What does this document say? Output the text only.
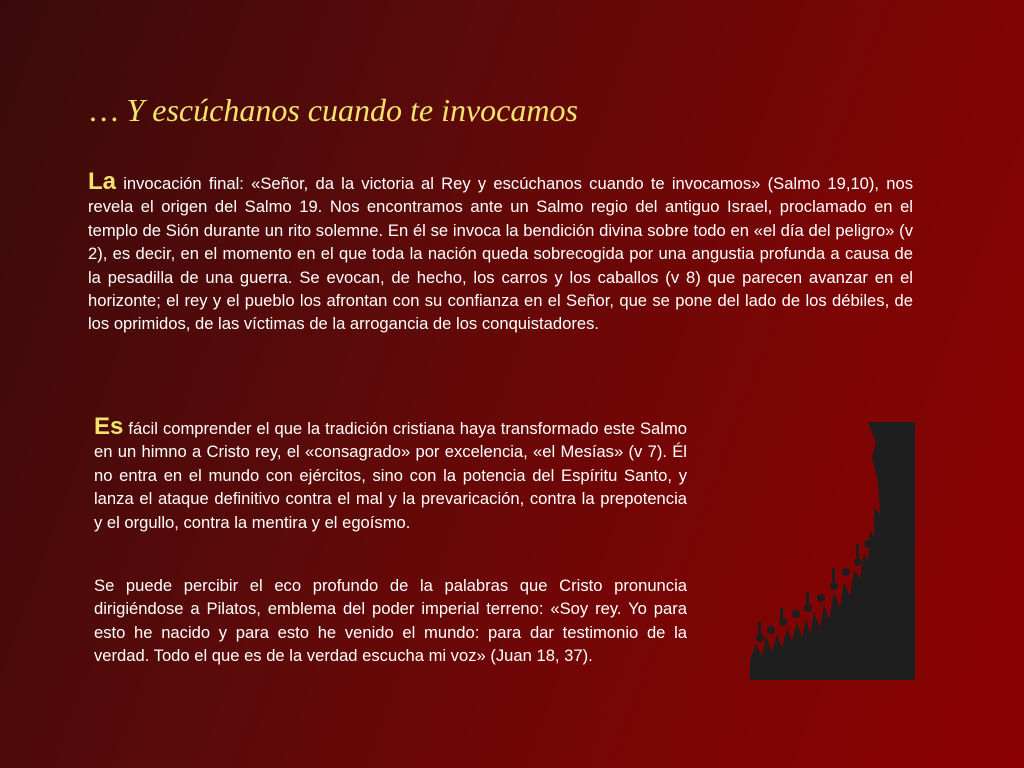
… Y escúchanos cuando te invocamos

La invocación final: «Señor, da la victoria al Rey y escúchanos cuando te invocamos» (Salmo 19,10), nos revela el origen del Salmo 19. Nos encontramos ante un Salmo regio del antiguo Israel, proclamado en el templo de Sión durante un rito solemne. En él se invoca la bendición divina sobre todo en «el día del peligro» (v 2), es decir, en el momento en el que toda la nación queda sobrecogida por una angustia profunda a causa de la pesadilla de una guerra. Se evocan, de hecho, los carros y los caballos (v 8) que parecen avanzar en el horizonte; el rey y el pueblo los afrontan con su confianza en el Señor, que se pone del lado de los débiles, de los oprimidos, de las víctimas de la arrogancia de los conquistadores.

Es fácil comprender el que la tradición cristiana haya transformado este Salmo en un himno a Cristo rey, el «consagrado» por excelencia, «el Mesías» (v 7). Él no entra en el mundo con ejércitos, sino con la potencia del Espíritu Santo, y lanza el ataque definitivo contra el mal y la prevaricación, contra la prepotencia y el orgullo, contra la mentira y el egoísmo.

Se puede percibir el eco profundo de la palabras que Cristo pronuncia dirigiéndose a Pilatos, emblema del poder imperial terreno: «Soy rey. Yo para esto he nacido y para esto he venido el mundo: para dar testimonio de la verdad. Todo el que es de la verdad escucha mi voz» (Juan 18, 37).
